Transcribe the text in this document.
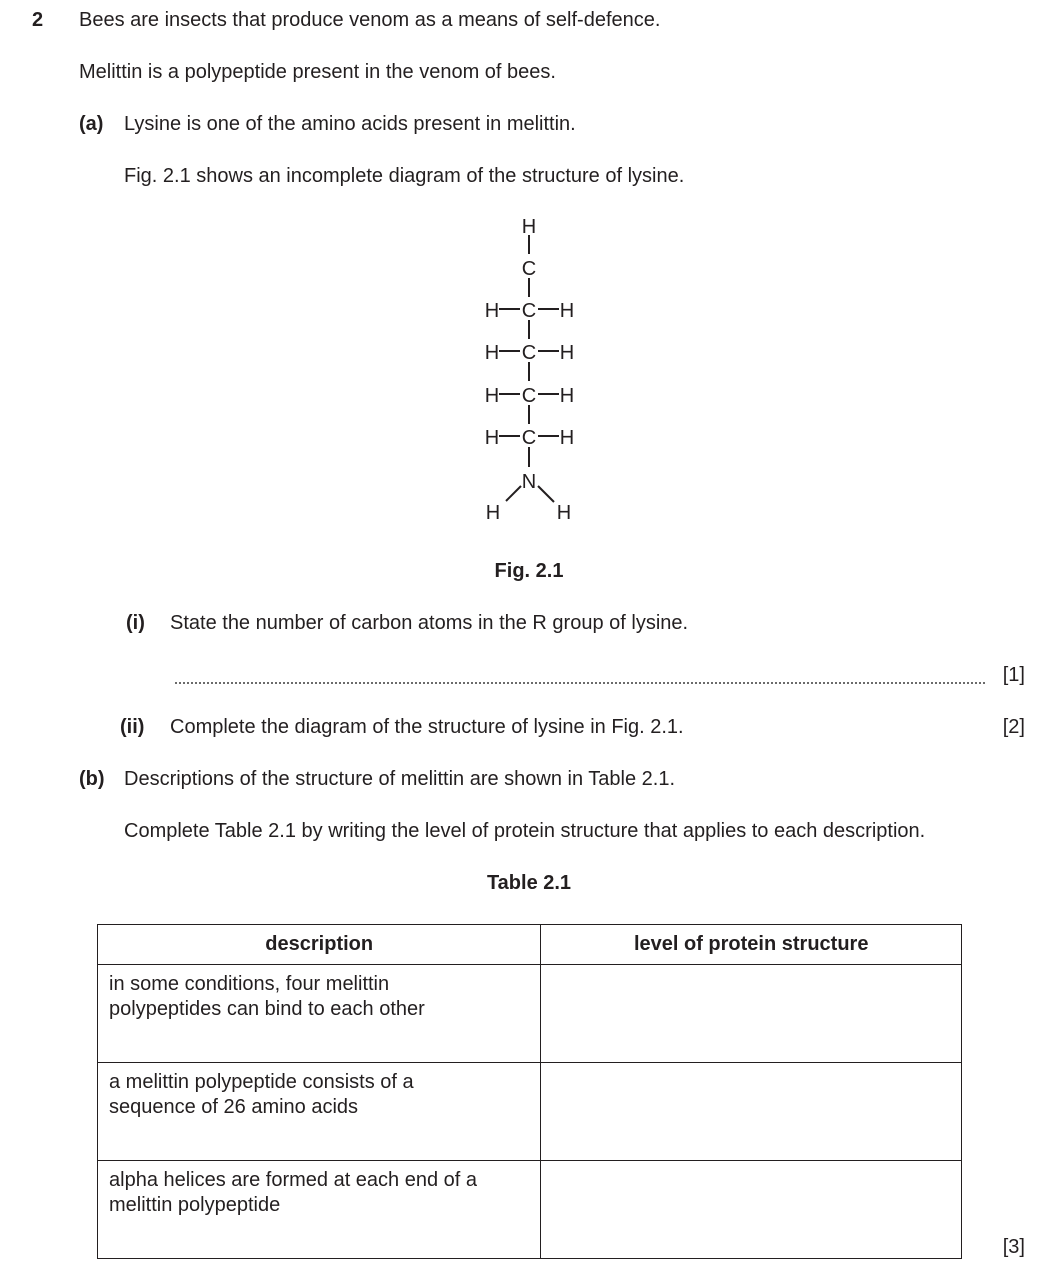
2 Bees are insects that produce venom as a means of self-defence.
Melittin is a polypeptide present in the venom of bees.
(a) Lysine is one of the amino acids present in melittin.
Fig. 2.1 shows an incomplete diagram of the structure of lysine.
H
C
H C H
H C H
H C H
H C H
N
H	H
Fig. 2.1
(i) State the number of carbon atoms in the R group of lysine.
[1]
(ii) Complete the diagram of the structure of lysine in Fig. 2.1.	[2]
(b) Descriptions of the structure of melittin are shown in Table 2.1.
Complete Table 2.1 by writing the level of protein structure that applies to each description.
Table 2.1
description	level of protein structure
in some conditions, four melittin
polypeptides can bind to each other	
a melittin polypeptide consists of a
sequence of 26 amino acids	
alpha helices are formed at each end of a
melittin polypeptide	
[3]
